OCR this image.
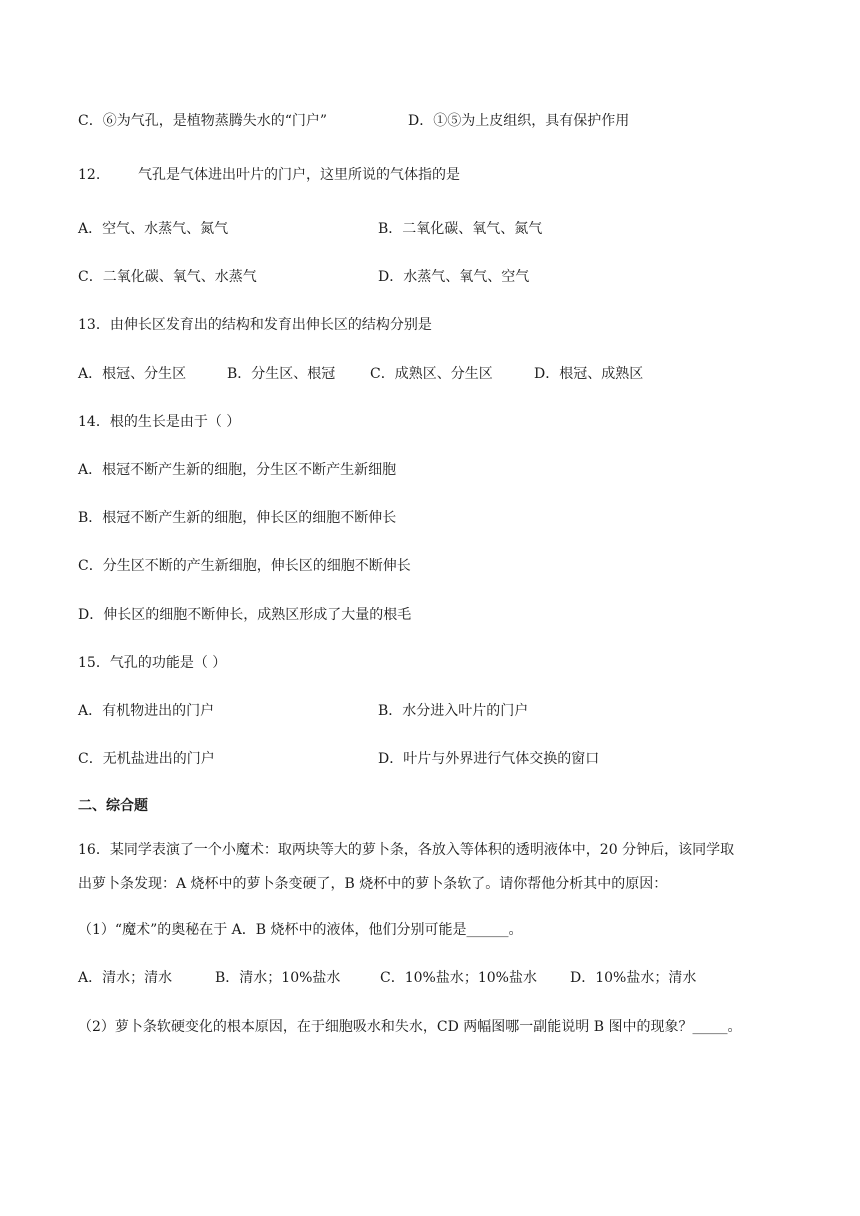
C．⑥为气孔，是植物蒸腾失水的“门户”	D．①⑤为上皮组织，具有保护作用
12.	气孔是气体进出叶片的门户，这里所说的气体指的是
A．空气、水蒸气、氮气	B．二氧化碳、氧气、氮气
C．二氧化碳、氧气、水蒸气	D．水蒸气、氧气、空气
13．由伸长区发育出的结构和发育出伸长区的结构分别是
A．根冠、分生区	B．分生区、根冠 C．成熟区、分生区	D．根冠、成熟区
14．根的生长是由于（ ）
A．根冠不断产生新的细胞，分生区不断产生新细胞
B．根冠不断产生新的细胞，伸长区的细胞不断伸长
C．分生区不断的产生新细胞，伸长区的细胞不断伸长
D．伸长区的细胞不断伸长，成熟区形成了大量的根毛
15．气孔的功能是（ ）
A．有机物进出的门户	B．水分进入叶片的门户
C．无机盐进出的门户	D．叶片与外界进行气体交换的窗口
二、综合题
16．某同学表演了一个小魔术：取两块等大的萝卜条，各放入等体积的透明液体中，20 分钟后，该同学取
出萝卜条发现：A 烧杯中的萝卜条变硬了，B 烧杯中的萝卜条软了。请你帮他分析其中的原因：
（1）“魔术”的奥秘在于 A．B 烧杯中的液体，他们分别可能是______。
A．清水；清水	B．清水；10%盐水	C．10%盐水；10%盐水 D．10%盐水；清水
（2）萝卜条软硬变化的根本原因，在于细胞吸水和失水，CD 两幅图哪一副能说明 B 图中的现象？_____。
